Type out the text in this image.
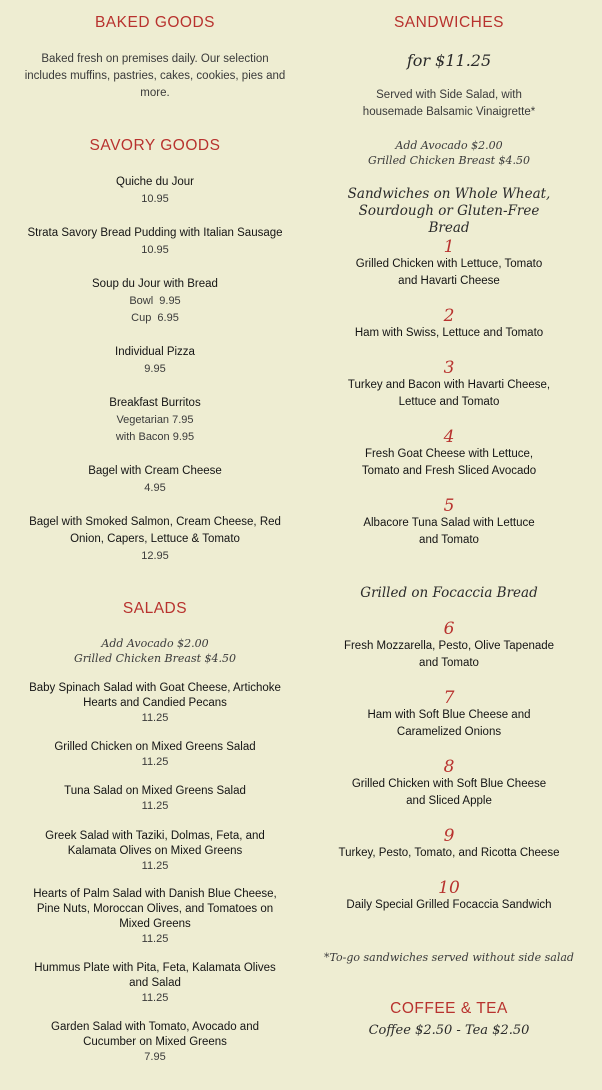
BAKED GOODS
Baked fresh on premises daily. Our selection includes muffins, pastries, cakes, cookies, pies and more.
SAVORY GOODS
Quiche du Jour
10.95
Strata Savory Bread Pudding with Italian Sausage
10.95
Soup du Jour with Bread
Bowl  9.95
Cup  6.95
Individual Pizza
9.95
Breakfast Burritos
Vegetarian 7.95
with Bacon 9.95
Bagel with Cream Cheese
4.95
Bagel with Smoked Salmon, Cream Cheese, Red Onion, Capers, Lettuce & Tomato
12.95
SALADS
Add Avocado $2.00
Grilled Chicken Breast $4.50
Baby Spinach Salad with Goat Cheese, Artichoke Hearts and Candied Pecans
11.25
Grilled Chicken on Mixed Greens Salad
11.25
Tuna Salad on Mixed Greens Salad
11.25
Greek Salad with Taziki, Dolmas, Feta, and Kalamata Olives on Mixed Greens
11.25
Hearts of Palm Salad with Danish Blue Cheese, Pine Nuts, Moroccan Olives, and Tomatoes on Mixed Greens
11.25
Hummus Plate with Pita, Feta, Kalamata Olives and Salad
11.25
Garden Salad with Tomato, Avocado and Cucumber on Mixed Greens
7.95
SANDWICHES
for $11.25
Served with Side Salad, with housemade Balsamic Vinaigrette*
Add Avocado $2.00
Grilled Chicken Breast $4.50
Sandwiches on Whole Wheat, Sourdough or Gluten-Free Bread
1
Grilled Chicken with Lettuce, Tomato and Havarti Cheese
2
Ham with Swiss, Lettuce and Tomato
3
Turkey and Bacon with Havarti Cheese, Lettuce and Tomato
4
Fresh Goat Cheese with Lettuce, Tomato and Fresh Sliced Avocado
5
Albacore Tuna Salad with Lettuce and Tomato
Grilled on Focaccia Bread
6
Fresh Mozzarella, Pesto, Olive Tapenade and Tomato
7
Ham with Soft Blue Cheese and Caramelized Onions
8
Grilled Chicken with Soft Blue Cheese and Sliced Apple
9
Turkey, Pesto, Tomato, and Ricotta Cheese
10
Daily Special Grilled Focaccia Sandwich
*To-go sandwiches served without side salad
COFFEE & TEA
Coffee $2.50 - Tea $2.50
